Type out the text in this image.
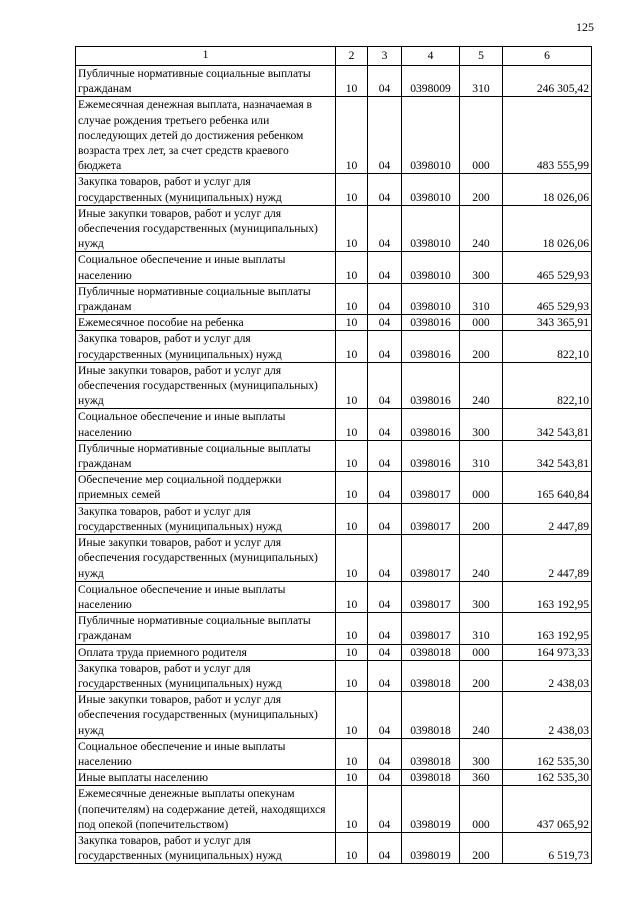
125
1	2	3	4	5	6
Публичные нормативные социальные выплаты гражданам	10	04	0398009	310	246 305,42
Ежемесячная денежная выплата, назначаемая в случае рождения третьего ребенка или последующих детей до достижения ребенком возраста трех лет, за счет средств краевого бюджета	10	04	0398010	000	483 555,99
Закупка товаров, работ и услуг для государственных (муниципальных) нужд	10	04	0398010	200	18 026,06
Иные закупки товаров, работ и услуг для обеспечения государственных (муниципальных) нужд	10	04	0398010	240	18 026,06
Социальное обеспечение и иные выплаты населению	10	04	0398010	300	465 529,93
Публичные нормативные социальные выплаты гражданам	10	04	0398010	310	465 529,93
Ежемесячное пособие на ребенка	10	04	0398016	000	343 365,91
Закупка товаров, работ и услуг для государственных (муниципальных) нужд	10	04	0398016	200	822,10
Иные закупки товаров, работ и услуг для обеспечения государственных (муниципальных) нужд	10	04	0398016	240	822,10
Социальное обеспечение и иные выплаты населению	10	04	0398016	300	342 543,81
Публичные нормативные социальные выплаты гражданам	10	04	0398016	310	342 543,81
Обеспечение мер социальной поддержки приемных семей	10	04	0398017	000	165 640,84
Закупка товаров, работ и услуг для государственных (муниципальных) нужд	10	04	0398017	200	2 447,89
Иные закупки товаров, работ и услуг для обеспечения государственных (муниципальных) нужд	10	04	0398017	240	2 447,89
Социальное обеспечение и иные выплаты населению	10	04	0398017	300	163 192,95
Публичные нормативные социальные выплаты гражданам	10	04	0398017	310	163 192,95
Оплата труда приемного родителя	10	04	0398018	000	164 973,33
Закупка товаров, работ и услуг для государственных (муниципальных) нужд	10	04	0398018	200	2 438,03
Иные закупки товаров, работ и услуг для обеспечения государственных (муниципальных) нужд	10	04	0398018	240	2 438,03
Социальное обеспечение и иные выплаты населению	10	04	0398018	300	162 535,30
Иные выплаты населению	10	04	0398018	360	162 535,30
Ежемесячные денежные выплаты опекунам (попечителям) на содержание детей, находящихся под опекой (попечительством)	10	04	0398019	000	437 065,92
Закупка товаров, работ и услуг для государственных (муниципальных) нужд	10	04	0398019	200	6 519,73
